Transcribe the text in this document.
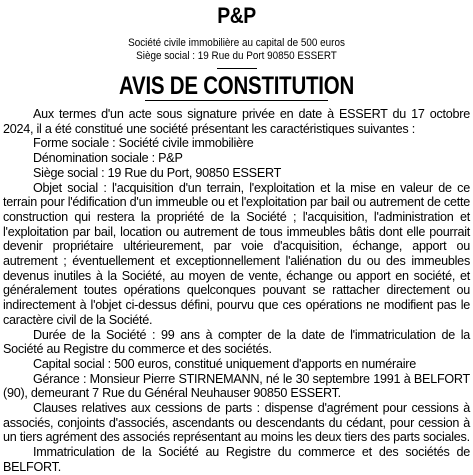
P&P
Société civile immobilière au capital de 500 euros
Siège social : 19 Rue du Port 90850 ESSERT
AVIS DE CONSTITUTION

Aux termes d'un acte sous signature privée en date à ESSERT du 17 octobre 2024, il a été constitué une société présentant les caractéristiques suivantes :

Forme sociale : Société civile immobilière

Dénomination sociale : P&P

Siège social : 19 Rue du Port, 90850 ESSERT

Objet social : l'acquisition d'un terrain, l'exploitation et la mise en valeur de ce terrain pour l'édification d'un immeuble ou et l'exploitation par bail ou autrement de cette construction qui restera la propriété de la Société ; l'acquisition, l'administration et l'exploitation par bail, location ou autrement de tous immeubles bâtis dont elle pourrait devenir propriétaire ultérieurement, par voie d'acquisition, échange, apport ou autrement ; éventuellement et exceptionnellement l'aliénation du ou des immeubles devenus inutiles à la Société, au moyen de vente, échange ou apport en société, et généralement toutes opérations quelconques pouvant se rattacher directement ou indirectement à l'objet ci-dessus défini, pourvu que ces opérations ne modifient pas le caractère civil de la Société.

Durée de la Société : 99 ans à compter de la date de l'immatriculation de la Société au Registre du commerce et des sociétés.

Capital social : 500 euros, constitué uniquement d'apports en numéraire

Gérance : Monsieur Pierre STIRNEMANN, né le 30 septembre 1991 à BELFORT (90), demeurant 7 Rue du Général Neuhauser 90850 ESSERT.

Clauses relatives aux cessions de parts : dispense d'agrément pour cessions à associés, conjoints d'associés, ascendants ou descendants du cédant, pour cession à un tiers agrément des associés représentant au moins les deux tiers des parts sociales.

Immatriculation de la Société au Registre du commerce et des sociétés de BELFORT.
